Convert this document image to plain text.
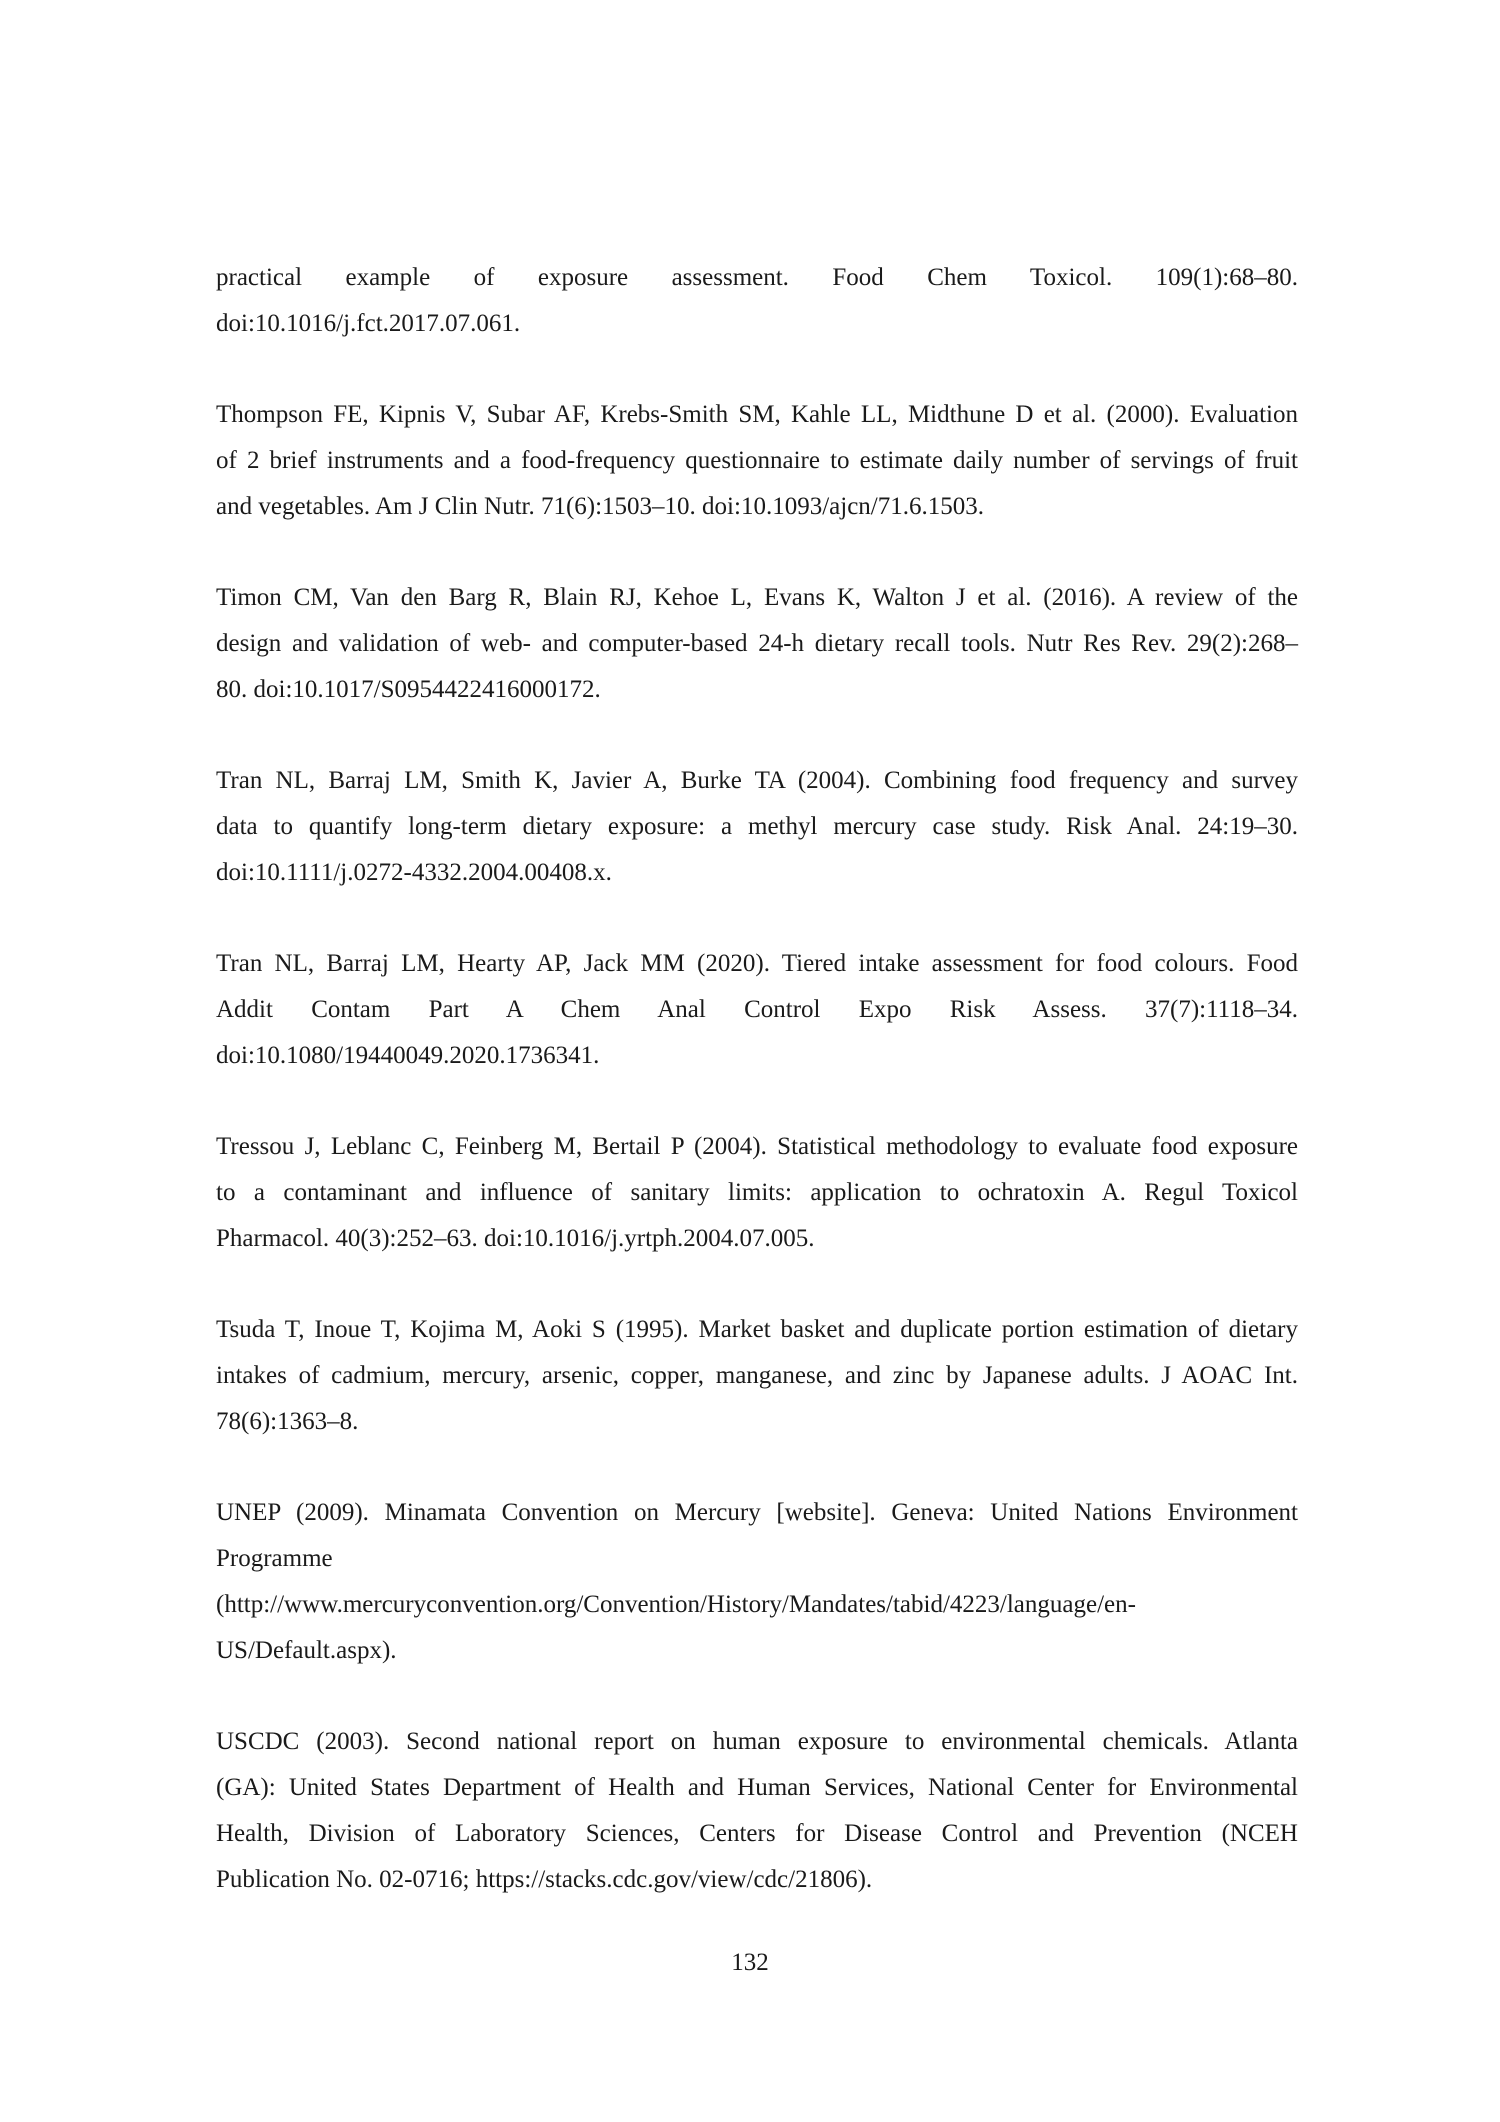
practical example of exposure assessment. Food Chem Toxicol. 109(1):68–80.
doi:10.1016/j.fct.2017.07.061.
Thompson FE, Kipnis V, Subar AF, Krebs-Smith SM, Kahle LL, Midthune D et al. (2000). Evaluation
of 2 brief instruments and a food-frequency questionnaire to estimate daily number of servings of fruit
and vegetables. Am J Clin Nutr. 71(6):1503–10. doi:10.1093/ajcn/71.6.1503.
Timon CM, Van den Barg R, Blain RJ, Kehoe L, Evans K, Walton J et al. (2016). A review of the
design and validation of web- and computer-based 24-h dietary recall tools. Nutr Res Rev. 29(2):268–
80. doi:10.1017/S0954422416000172.
Tran NL, Barraj LM, Smith K, Javier A, Burke TA (2004). Combining food frequency and survey
data to quantify long-term dietary exposure: a methyl mercury case study. Risk Anal. 24:19–30.
doi:10.1111/j.0272-4332.2004.00408.x.
Tran NL, Barraj LM, Hearty AP, Jack MM (2020). Tiered intake assessment for food colours. Food
Addit Contam Part A Chem Anal Control Expo Risk Assess. 37(7):1118–34.
doi:10.1080/19440049.2020.1736341.
Tressou J, Leblanc C, Feinberg M, Bertail P (2004). Statistical methodology to evaluate food exposure
to a contaminant and influence of sanitary limits: application to ochratoxin A. Regul Toxicol
Pharmacol. 40(3):252–63. doi:10.1016/j.yrtph.2004.07.005.
Tsuda T, Inoue T, Kojima M, Aoki S (1995). Market basket and duplicate portion estimation of dietary
intakes of cadmium, mercury, arsenic, copper, manganese, and zinc by Japanese adults. J AOAC Int.
78(6):1363–8.
UNEP (2009). Minamata Convention on Mercury [website]. Geneva: United Nations Environment
Programme
(http://www.mercuryconvention.org/Convention/History/Mandates/tabid/4223/language/en-
US/Default.aspx).
USCDC (2003). Second national report on human exposure to environmental chemicals. Atlanta
(GA): United States Department of Health and Human Services, National Center for Environmental
Health, Division of Laboratory Sciences, Centers for Disease Control and Prevention (NCEH
Publication No. 02-0716; https://stacks.cdc.gov/view/cdc/21806).
132
